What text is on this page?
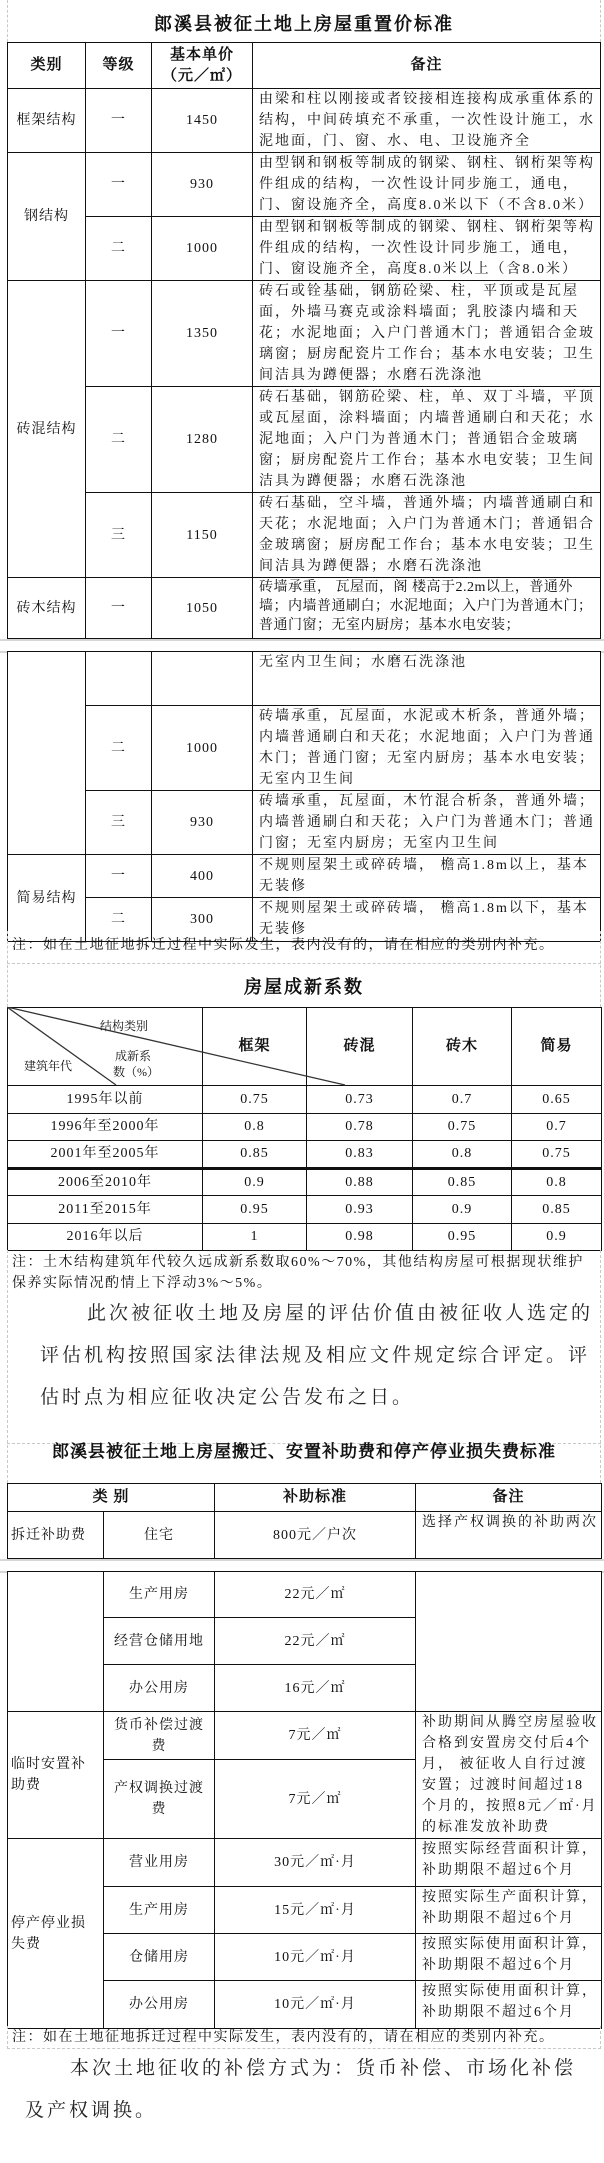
郎溪县被征土地上房屋重置价标准
类别	等级	基本单价（元／㎡）	备注
框架结构	一	1450	由梁和柱以刚接或者铰接相连接构成承重体系的结构，中间砖填充不承重，一次性设计施工，水泥地面，门、窗、水、电、卫设施齐全
钢结构	一	930	由型钢和钢板等制成的钢梁、钢柱、钢桁架等构件组成的结构，一次性设计同步施工，通电，门、窗设施齐全，高度8.0米以下（不含8.0米）
	二	1000	由型钢和钢板等制成的钢梁、钢柱、钢桁架等构件组成的结构，一次性设计同步施工，通电，门、窗设施齐全，高度8.0米以上（含8.0米）
砖混结构	一	1350	砖石或铨基础，钢筋砼梁、柱，平顶或是瓦屋面，外墙马赛克或涂料墙面；乳胶漆内墙和天花；水泥地面；入户门普通木门；普通铝合金玻璃窗；厨房配瓷片工作台；基本水电安装；卫生间洁具为蹲便器；水磨石洗涤池
	二	1280	砖石基础，钢筋砼梁、柱，单、双丁斗墙，平顶或瓦屋面，涂料墙面；内墙普通刷白和天花；水泥地面；入户门为普通木门；普通铝合金玻璃窗；厨房配瓷片工作台；基本水电安装；卫生间洁具为蹲便器；水磨石洗涤池
	三	1150	砖石基础，空斗墙，普通外墙；内墙普通刷白和天花；水泥地面；入户门为普通木门；普通铝合金玻璃窗；厨房配工作台；基本水电安装；卫生间洁具为蹲便器；水磨石洗涤池
砖木结构	一	1050	砖墙承重， 瓦屋而，阁 楼高于2.2m以上，普通外墙；内墙普通刷白；水泥地面；入户门为普通木门；普通门窗；无室内厨房；基本水电安装；
			无室内卫生间；水磨石洗涤池
	二	1000	砖墙承重，瓦屋面，水泥或木析条，普通外墙；内墙普通刷白和天花；水泥地面；入户门为普通木门；普通门窗；无室内厨房；基本水电安装；无室内卫生间
	三	930	砖墙承重，瓦屋面，木竹混合析条，普通外墙；内墙普通刷白和天花；入户门为普通木门；普通门窗；无室内厨房；无室内卫生间
简易结构	一	400	不规则屋架土或碎砖墙， 檐高1.8m以上，基本无装修
	二	300	不规则屋架土或碎砖墙， 檐高1.8m以下，基本无装修
注：如在土地征地拆迁过程中实际发生，表内没有的，请在相应的类别内补充。
房屋成新系数
结构类别
成新系数（%）
建筑年代	框架	砖混	砖木	简易
1995年以前	0.75	0.73	0.7	0.65
1996年至2000年	0.8	0.78	0.75	0.7
2001年至2005年	0.85	0.83	0.8	0.75
2006至2010年	0.9	0.88	0.85	0.8
2011至2015年	0.95	0.93	0.9	0.85
2016年以后	1	0.98	0.95	0.9
注：土木结构建筑年代较久远成新系数取60%～70%，其他结构房屋可根据现状维护保养实际情况酌情上下浮动3%～5%。
此次被征收土地及房屋的评估价值由被征收人选定的评估机构按照国家法律法规及相应文件规定综合评定。评估时点为相应征收决定公告发布之日。
郎溪县被征土地上房屋搬迁、安置补助费和停产停业损失费标准
类 别		补助标准	备注
拆迁补助费	住宅	800元／户次	选择产权调换的补助两次
	生产用房	22元／㎡	
	经营仓储用地	22元／㎡	
	办公用房	16元／㎡	
临时安置补助费	货币补偿过渡费	7元／㎡	补助期间从腾空房屋验收合格到安置房交付后4个月， 被征收人自行过渡安置；过渡时间超过18个月的，按照8元／㎡·月的标准发放补助费
	产权调换过渡费	7元／㎡	
停产停业损失费	营业用房	30元／㎡·月	按照实际经营面积计算，补助期限不超过6个月
	生产用房	15元／㎡·月	按照实际生产面积计算，补助期限不超过6个月
	仓储用房	10元／㎡·月	按照实际使用面积计算，补助期限不超过6个月
	办公用房	10元／㎡·月	按照实际使用面积计算，补助期限不超过6个月
注：如在土地征地拆迁过程中实际发生，表内没有的，请在相应的类别内补充。
本次土地征收的补偿方式为：货币补偿、市场化补偿及产权调换。
